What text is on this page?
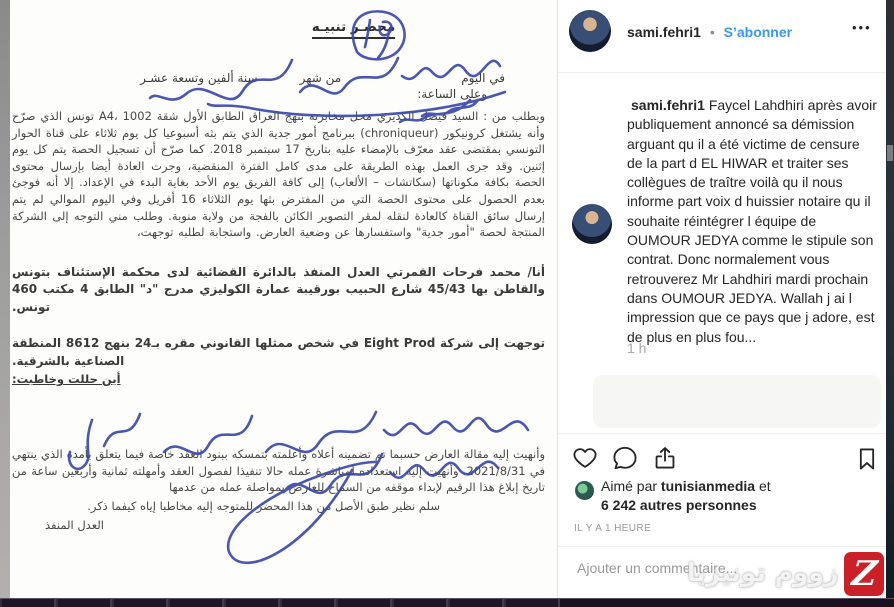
محضـر تنبيـه
في اليوم
من شهر
سنة ألفين وتسعة عشـر
وعلى الساعة:
وبطلب من : السيد فيصل الكذيري محل مخابرته بنهج العراق الطابق الأول شقة A4، 1002 تونس الذي صرّح وأنه يشتغل كرونيكور (chroniqueur) ببرنامج أمور جدية الذي يتم بثه أسبوعيا كل يوم ثلاثاء على قناة الحوار التونسي بمقتضى عقد معرّف بالإمضاء عليه بتاريخ 17 سبتمبر 2018. كما صرّح أن تسجيل الحصة يتم كل يوم إثنين. وقد جرى العمل بهذه الطريقة على مدى كامل الفترة المنقضية، وجرت العادة أيضا بإرسال محتوى الحصة بكافة مكوناتها (سكاتشات – الألعاب) إلى كافة الفريق يوم الأحد بغاية البدء في الإعداد. إلا أنه فوجئ بعدم الحصول على محتوى الحصة التي من المفترض بثها يوم الثلاثاء 16 أفريل وفي اليوم الموالي لم يتم إرسال سائق القناة كالعادة لنقله لمقر التصوير الكائن بالفجة من ولاية منوبة. وطلب مني التوجه إلى الشركة المنتجة لحصة "أمور جدية" واستفسارها عن وضعية العارض. واستجابة لطلبه توجهت،
أنا/ محمد فرحات القمرتي العدل المنفذ بالدائرة القضائية لدى محكمة الإستئناف بتونس والقاطن بها 45/43 شارع الحبيب بورقيبة عمارة الكوليزي مدرج "د" الطابق 4 مكتب 460 تونس.
توجهت إلى شركة Eight Prod في شخص ممثلها القانوني مقره بـ24 بنهج 8612 المنطقة الصناعية بالشرقية.
أين حللت وخاطبت:
وأنهيت إليه مقالة العارض حسبما تم تضمينه أعلاه وأعلمته بتمسكه ببنود العقد خاصة فيما يتعلق بأمده الذي ينتهي في 2021/8/31. وأنهيت إليه استعداده لمباشرة عمله حالا تنفيذا لفصول العقد وأمهلته ثمانية وأربعين ساعة من تاريخ إبلاغ هذا الرقيم لإبداء موقفه من السماح للعارض بمواصلة عمله من عدمها
سلم نظير طبق الأصل من هذا المحضر للمتوجه إليه مخاطبا إياه كيفما ذكر.
العدل المنفذ
sami.fehri1 • S’abonner	•••
sami.fehri1 Faycel Lahdhiri après avoir publiquement annoncé sa démission arguant qu il a été victime de censure de la part d EL HIWAR et traiter ses collègues de traître voilà qu il nous informe part voix d huissier notaire qu il souhaite réintégrer l équipe de OUMOUR JEDYA comme le stipule son contrat. Donc normalement vous retrouverez Mr Lahdhiri mardi prochain dans OUMOUR JEDYA. Wallah j ai l impression que ce pays que j adore, est de plus en plus fou...
1 h
Aimé par tunisianmedia et
6 242 autres personnes
IL Y A 1 HEURE
Ajouter un commentaire...
زووم تونيزيا Z
